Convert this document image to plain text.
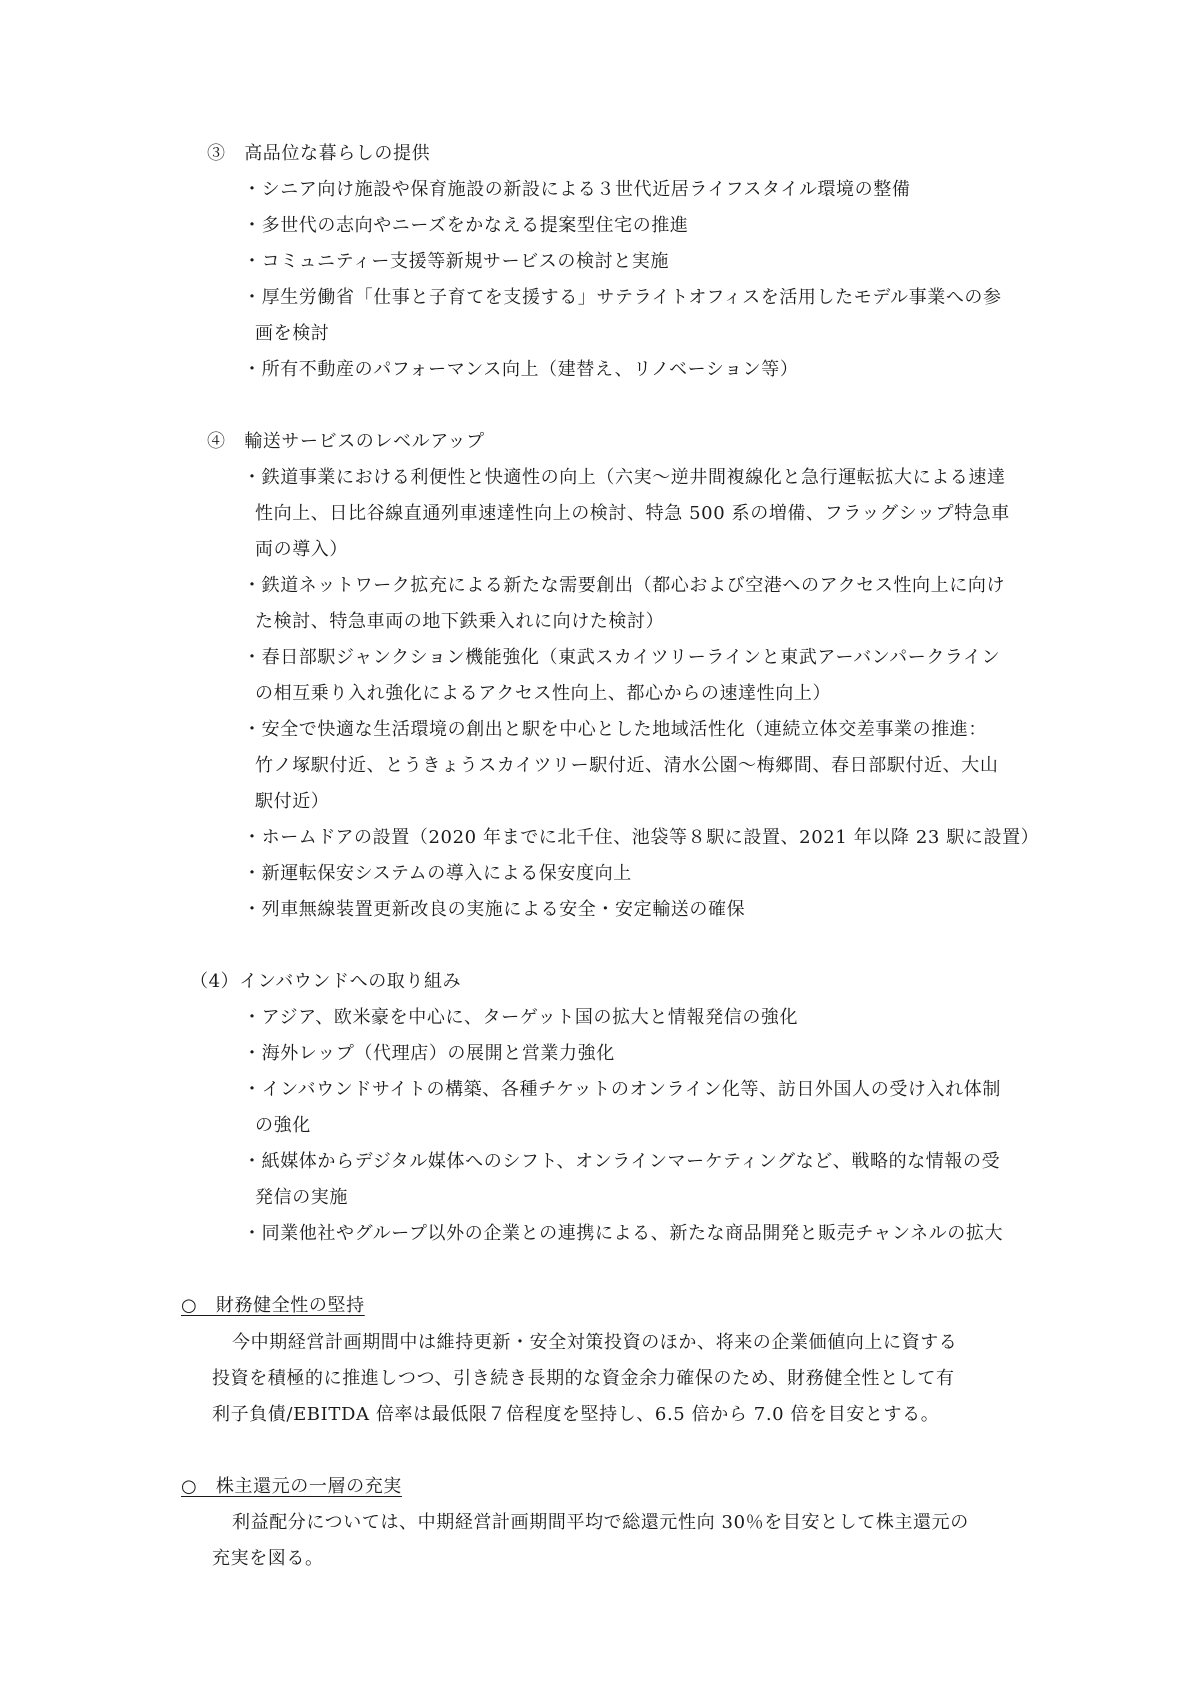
③　高品位な暮らしの提供
・シニア向け施設や保育施設の新設による３世代近居ライフスタイル環境の整備
・多世代の志向やニーズをかなえる提案型住宅の推進
・コミュニティー支援等新規サービスの検討と実施
・厚生労働省「仕事と子育てを支援する」サテライトオフィスを活用したモデル事業への参
画を検討
・所有不動産のパフォーマンス向上（建替え、リノベーション等）
④　輸送サービスのレベルアップ
・鉄道事業における利便性と快適性の向上（六実～逆井間複線化と急行運転拡大による速達
性向上、日比谷線直通列車速達性向上の検討、特急 500 系の増備、フラッグシップ特急車
両の導入）
・鉄道ネットワーク拡充による新たな需要創出（都心および空港へのアクセス性向上に向け
た検討、特急車両の地下鉄乗入れに向けた検討）
・春日部駅ジャンクション機能強化（東武スカイツリーラインと東武アーバンパークライン
の相互乗り入れ強化によるアクセス性向上、都心からの速達性向上）
・安全で快適な生活環境の創出と駅を中心とした地域活性化（連続立体交差事業の推進：
竹ノ塚駅付近、とうきょうスカイツリー駅付近、清水公園～梅郷間、春日部駅付近、大山
駅付近）
・ホームドアの設置（2020 年までに北千住、池袋等８駅に設置、2021 年以降 23 駅に設置）
・新運転保安システムの導入による保安度向上
・列車無線装置更新改良の実施による安全・安定輸送の確保
（4）インバウンドへの取り組み
・アジア、欧米豪を中心に、ターゲット国の拡大と情報発信の強化
・海外レップ（代理店）の展開と営業力強化
・インバウンドサイトの構築、各種チケットのオンライン化等、訪日外国人の受け入れ体制
の強化
・紙媒体からデジタル媒体へのシフト、オンラインマーケティングなど、戦略的な情報の受
発信の実施
・同業他社やグループ以外の企業との連携による、新たな商品開発と販売チャンネルの拡大
○　財務健全性の堅持
今中期経営計画期間中は維持更新・安全対策投資のほか、将来の企業価値向上に資する
投資を積極的に推進しつつ、引き続き長期的な資金余力確保のため、財務健全性として有
利子負債/EBITDA 倍率は最低限７倍程度を堅持し、6.5 倍から 7.0 倍を目安とする。
○　株主還元の一層の充実
利益配分については、中期経営計画期間平均で総還元性向 30％を目安として株主還元の
充実を図る。
